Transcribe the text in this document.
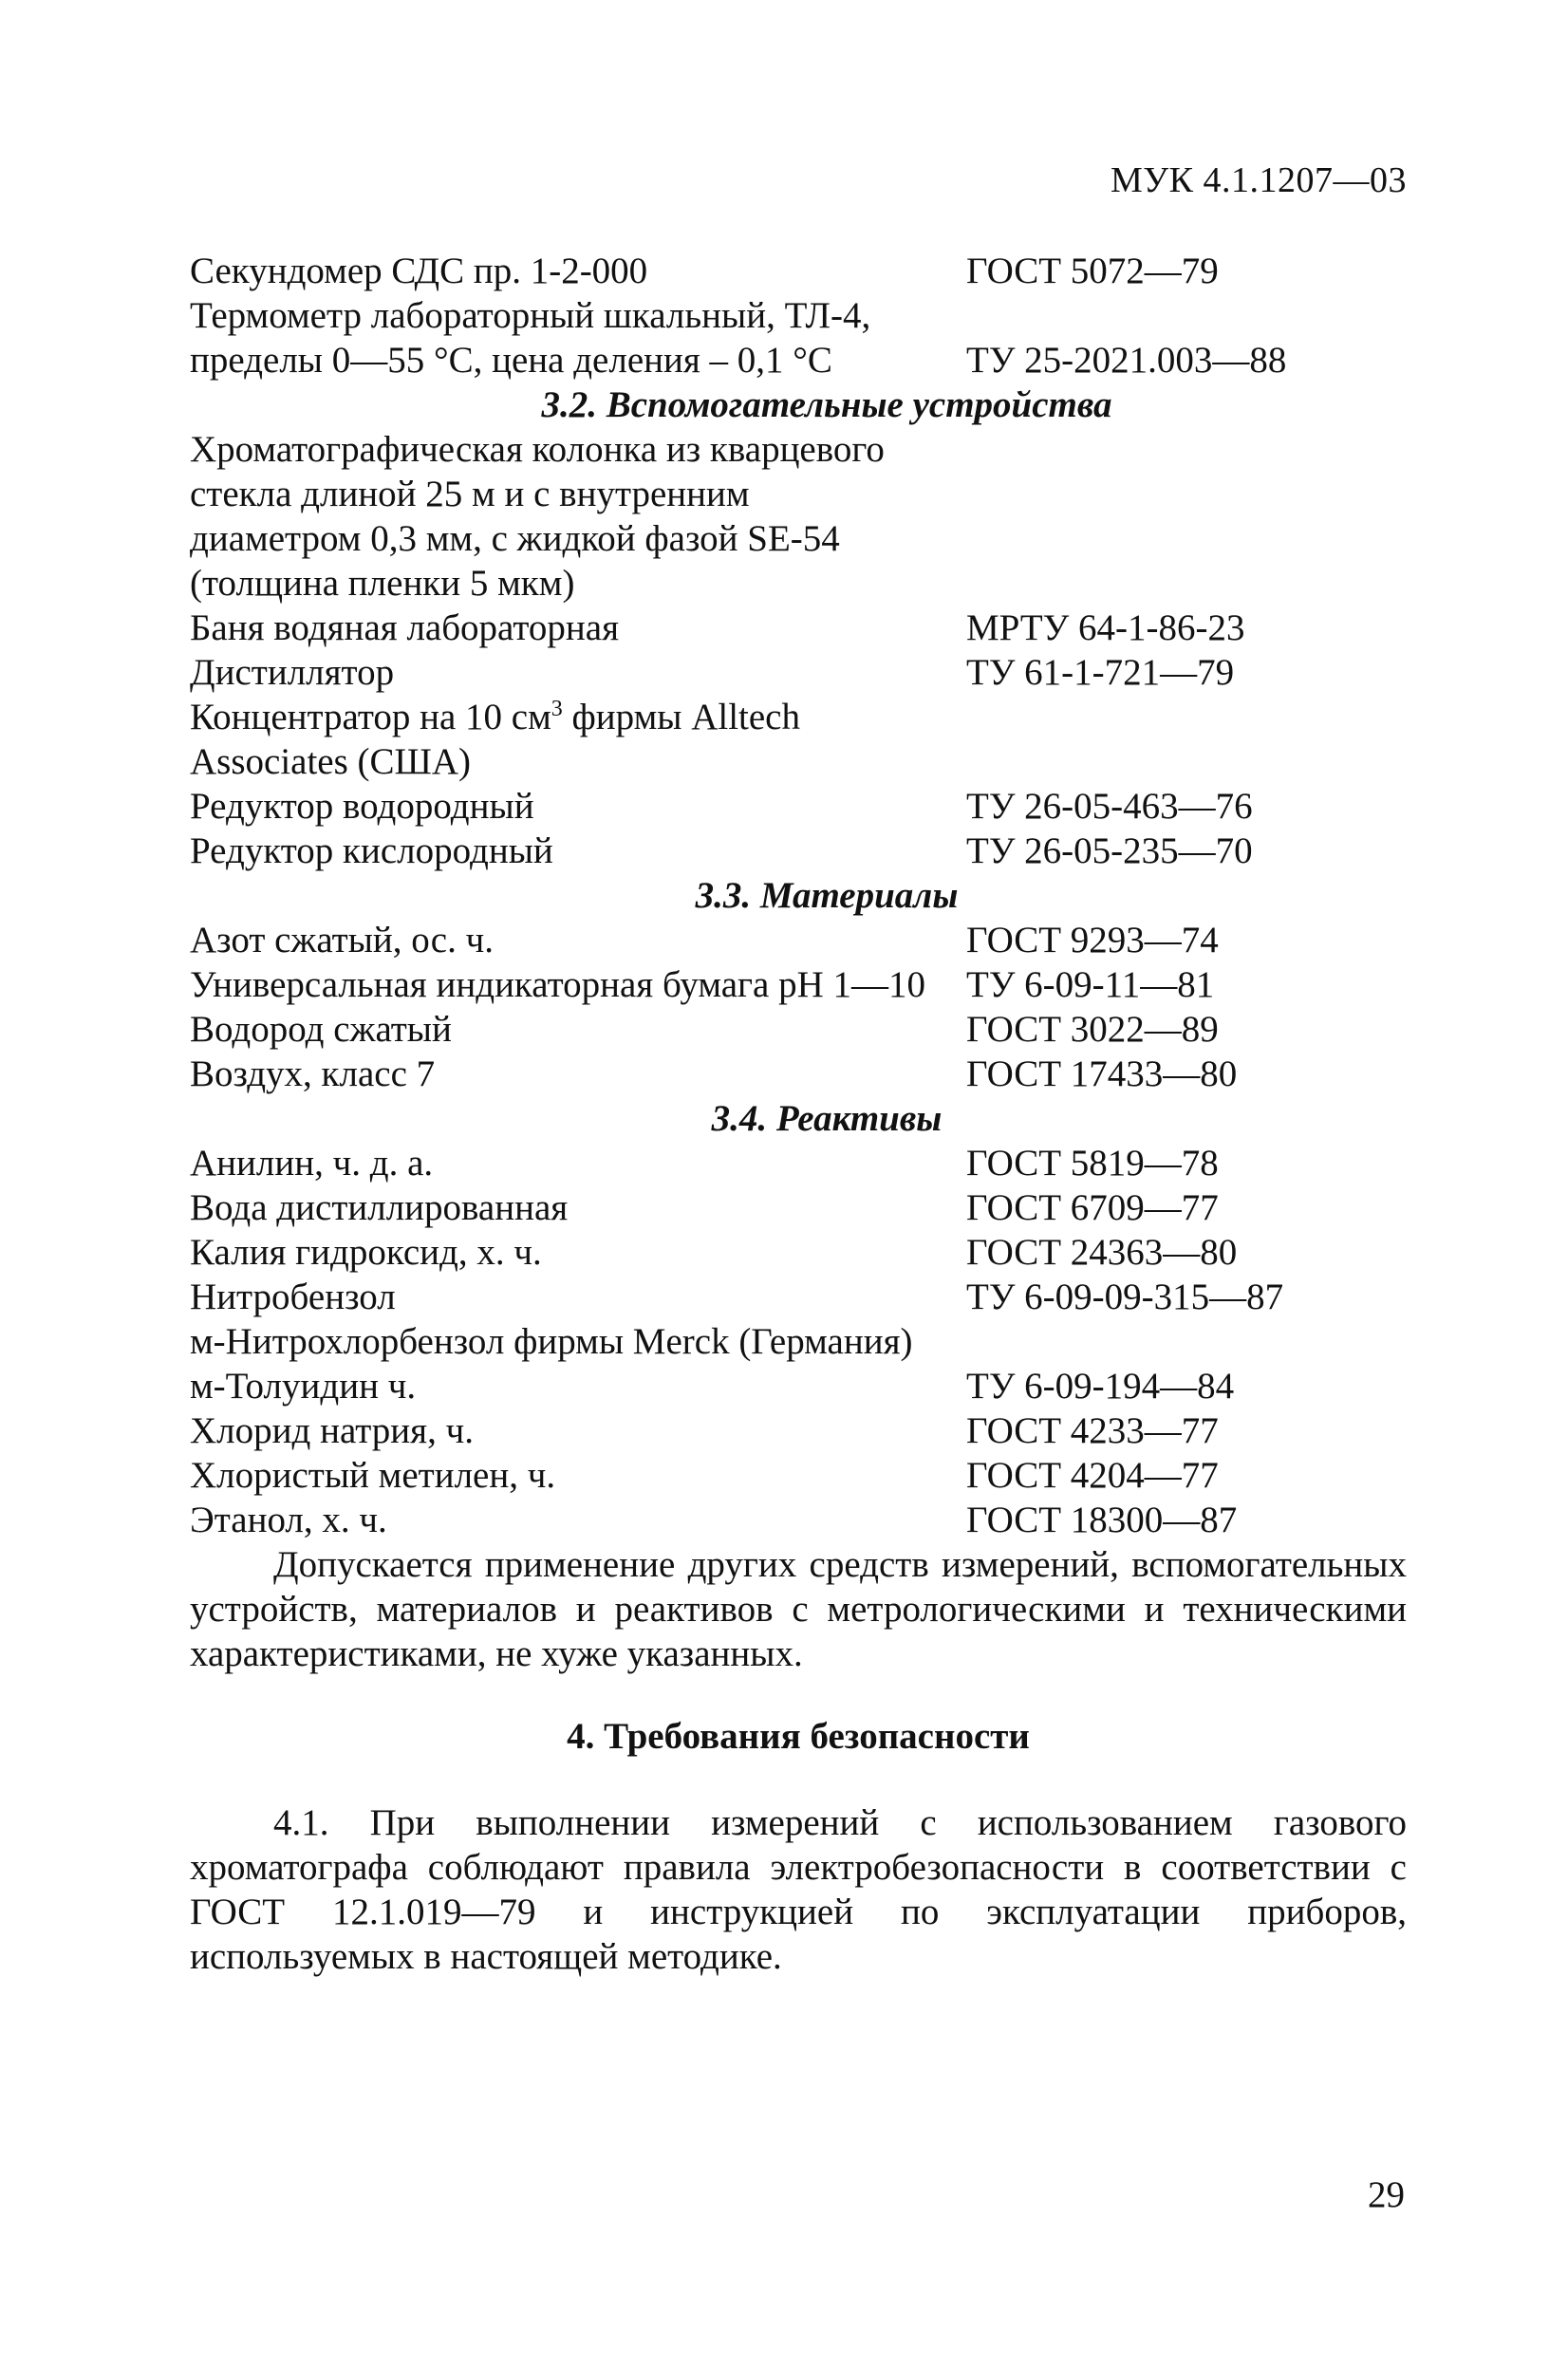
МУК 4.1.1207—03
Секундомер СДС пр. 1-2-000	ГОСТ 5072—79
Термометр лабораторный шкальный, ТЛ-4,
пределы 0—55 °С, цена деления – 0,1 °С	ТУ 25-2021.003—88
3.2. Вспомогательные устройства
Хроматографическая колонка из кварцевого
стекла длиной 25 м и с внутренним
диаметром 0,3 мм, с жидкой фазой SE-54
(толщина пленки 5 мкм)
Баня водяная лабораторная	МРТУ 64-1-86-23
Дистиллятор	ТУ 61-1-721—79
Концентратор на 10 $см^3$ фирмы Alltech
Associates (США)
Редуктор водородный	ТУ 26-05-463—76
Редуктор кислородный	ТУ 26-05-235—70
3.3. Материалы
Азот сжатый, ос. ч.	ГОСТ 9293—74
Универсальная индикаторная бумага рН 1—10	ТУ 6-09-11—81
Водород сжатый	ГОСТ 3022—89
Воздух, класс 7	ГОСТ 17433—80
3.4. Реактивы
Анилин, ч. д. а.	ГОСТ 5819—78
Вода дистиллированная	ГОСТ 6709—77
Калия гидроксид, х. ч.	ГОСТ 24363—80
Нитробензол	ТУ 6-09-09-315—87
м-Нитрохлорбензол фирмы Merck (Германия)
м-Толуидин ч.	ТУ 6-09-194—84
Хлорид натрия, ч.	ГОСТ 4233—77
Хлористый метилен, ч.	ГОСТ 4204—77
Этанол, х. ч.	ГОСТ 18300—87

Допускается применение других средств измерений, вспомогательных устройств, материалов и реактивов с метрологическими и техническими характеристиками, не хуже указанных.

4. Требования безопасности

4.1. При выполнении измерений с использованием газового хроматографа соблюдают правила электробезопасности в соответствии с ГОСТ 12.1.019—79 и инструкцией по эксплуатации приборов, используемых в настоящей методике.

29
